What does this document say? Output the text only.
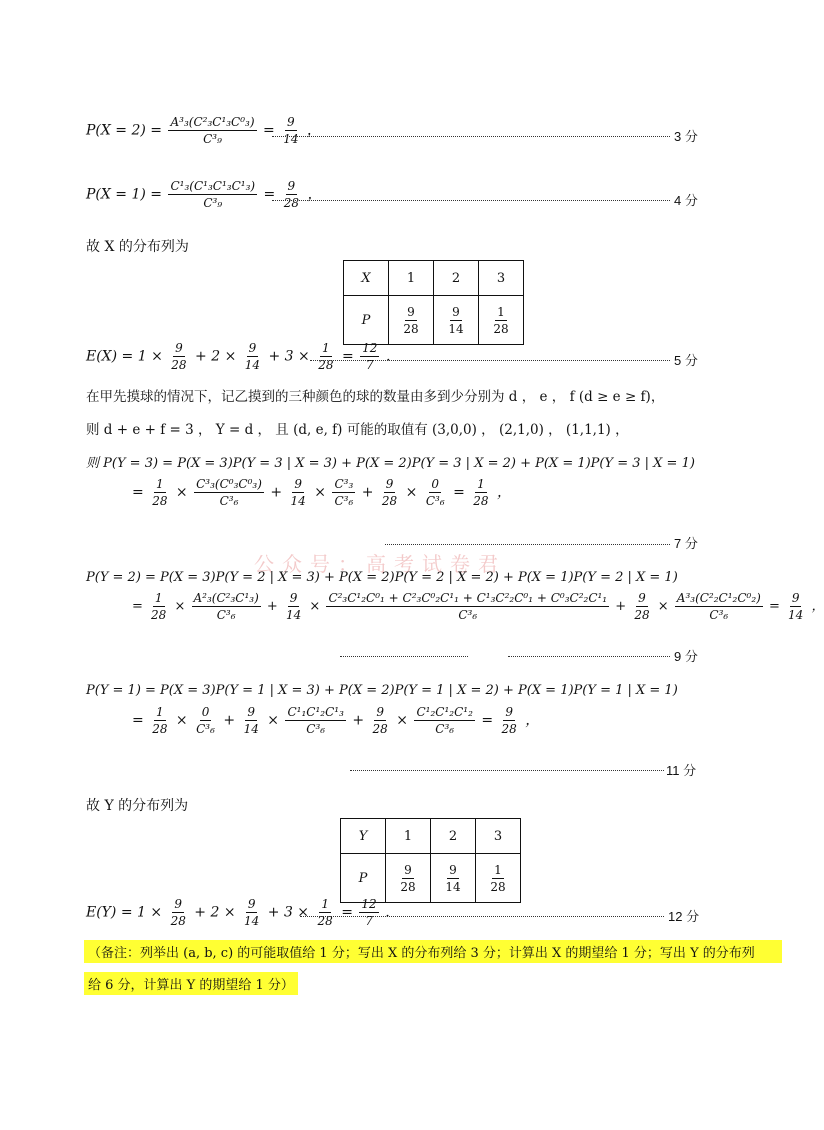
$P(X = 2) = \frac{\text{A³₃(C²₃C¹₃C⁰₃)}}{\text{C³₉}} = \frac{9}{14}$ ，	3 分
$P(X = 1) = \frac{\text{C¹₃(C¹₃C¹₃C¹₃)}}{\text{C³₉}} = \frac{9}{28}$ ，	4 分
故 X 的分布列为
X	1	2	3
P	$\frac{9}{28}$	$\frac{9}{14}$	$\frac{1}{28}$
$E(X) = 1 \times \frac{9}{28} + 2 \times \frac{9}{14} + 3 \times \frac{1}{28} = \frac{12}{7}$ ．	5 分
在甲先摸球的情况下，记乙摸到的三种颜色的球的数量由多到少分别为 d ， e ， f (d ≥ e ≥ f)，
则 d + e + f = 3 ， Y = d ， 且 (d, e, f) 可能的取值有 (3,0,0) ， (2,1,0) ， (1,1,1) ，
则 P(Y = 3) = P(X = 3)P(Y = 3 | X = 3) + P(X = 2)P(Y = 3 | X = 2) + P(X = 1)P(Y = 3 | X = 1)
= $\frac{1}{28} \times \frac{\text{C³₃(C⁰₃C⁰₃)}}{\text{C³₆}} + \frac{9}{14} \times \frac{\text{C³₃}}{\text{C³₆}} + \frac{9}{28} \times \frac{0}{\text{C³₆}} = \frac{1}{28}$ ，
7 分
公众号：高考试卷君
P(Y = 2) = P(X = 3)P(Y = 2 | X = 3) + P(X = 2)P(Y = 2 | X = 2) + P(X = 1)P(Y = 2 | X = 1)
= $\frac{1}{28} \times \frac{\text{A²₃(C²₃C¹₃)}}{\text{C³₆}} + \frac{9}{14} \times \frac{\text{C²₃C¹₂C⁰₁ + C²₃C⁰₂C¹₁ + C¹₃C²₂C⁰₁ + C⁰₃C²₂C¹₁}}{\text{C³₆}} + \frac{9}{28} \times \frac{\text{A³₃(C²₂C¹₂C⁰₂)}}{\text{C³₆}} = \frac{9}{14}$ ，
9 分
P(Y = 1) = P(X = 3)P(Y = 1 | X = 3) + P(X = 2)P(Y = 1 | X = 2) + P(X = 1)P(Y = 1 | X = 1)
= $\frac{1}{28} \times \frac{0}{\text{C³₆}} + \frac{9}{14} \times \frac{\text{C¹₁C¹₂C¹₃}}{\text{C³₆}} + \frac{9}{28} \times \frac{\text{C¹₂C¹₂C¹₂}}{\text{C³₆}} = \frac{9}{28}$ ，
11 分
故 Y 的分布列为
Y	1	2	3
P	$\frac{9}{28}$	$\frac{9}{14}$	$\frac{1}{28}$
$E(Y) = 1 \times \frac{9}{28} + 2 \times \frac{9}{14} + 3 \times \frac{1}{28} = \frac{12}{7}$ ．	12 分
（备注：列举出 (a, b, c) 的可能取值给 1 分；写出 X 的分布列给 3 分；计算出 X 的期望给 1 分；写出 Y 的分布列
给 6 分，计算出 Y 的期望给 1 分）
